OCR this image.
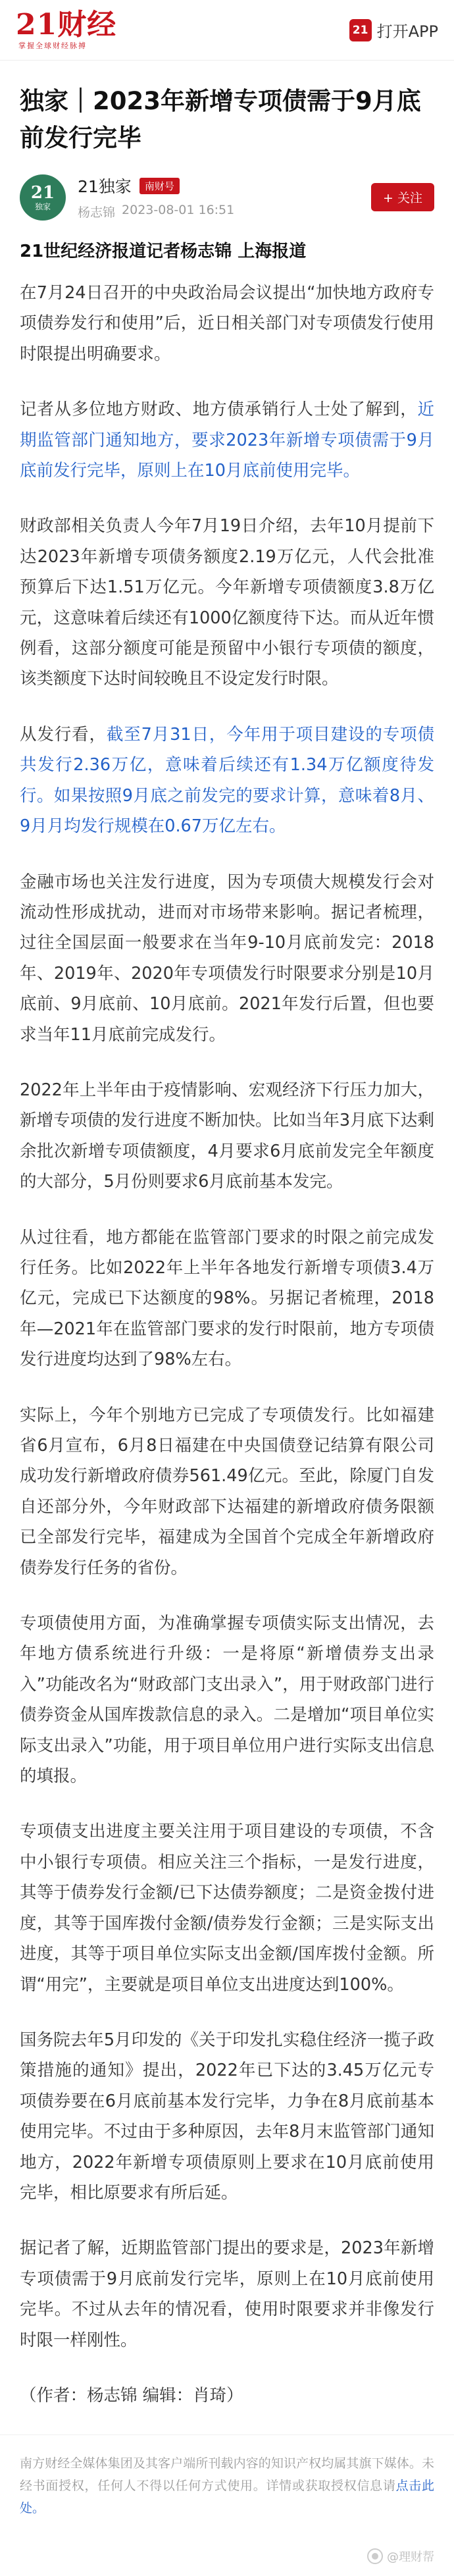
21财经
掌握全球财经脉搏
21 打开APP
独家｜2023年新增专项债需于9月底前发行完毕
21
独家
21独家	南财号
杨志锦 2023-08-01 16:51
+ 关注

21世纪经济报道记者杨志锦 上海报道

在7月24日召开的中央政治局会议提出“加快地方政府专项债券发行和使用”后，近日相关部门对专项债发行使用时限提出明确要求。

记者从多位地方财政、地方债承销行人士处了解到，近期监管部门通知地方，要求2023年新增专项债需于9月底前发行完毕，原则上在10月底前使用完毕。

财政部相关负责人今年7月19日介绍，去年10月提前下达2023年新增专项债务额度2.19万亿元，人代会批准预算后下达1.51万亿元。今年新增专项债额度3.8万亿元，这意味着后续还有1000亿额度待下达。而从近年惯例看，这部分额度可能是预留中小银行专项债的额度，该类额度下达时间较晚且不设定发行时限。

从发行看，截至7月31日，今年用于项目建设的专项债共发行2.36万亿，意味着后续还有1.34万亿额度待发行。如果按照9月底之前发完的要求计算，意味着8月、9月月均发行规模在0.67万亿左右。

金融市场也关注发行进度，因为专项债大规模发行会对流动性形成扰动，进而对市场带来影响。据记者梳理，过往全国层面一般要求在当年9-10月底前发完：2018年、2019年、2020年专项债发行时限要求分别是10月底前、9月底前、10月底前。2021年发行后置，但也要求当年11月底前完成发行。

2022年上半年由于疫情影响、宏观经济下行压力加大，新增专项债的发行进度不断加快。比如当年3月底下达剩余批次新增专项债额度，4月要求6月底前发完全年额度的大部分，5月份则要求6月底前基本发完。

从过往看，地方都能在监管部门要求的时限之前完成发行任务。比如2022年上半年各地发行新增专项债3.4万亿元，完成已下达额度的98%。另据记者梳理，2018年—2021年在监管部门要求的发行时限前，地方专项债发行进度均达到了98%左右。

实际上，今年个别地方已完成了专项债发行。比如福建省6月宣布，6月8日福建在中央国债登记结算有限公司成功发行新增政府债券561.49亿元。至此，除厦门自发自还部分外，今年财政部下达福建的新增政府债务限额已全部发行完毕，福建成为全国首个完成全年新增政府债券发行任务的省份。

专项债使用方面，为准确掌握专项债实际支出情况，去年地方债系统进行升级：一是将原“新增债券支出录入”功能改名为“财政部门支出录入”，用于财政部门进行债券资金从国库拨款信息的录入。二是增加“项目单位实际支出录入”功能，用于项目单位用户进行实际支出信息的填报。

专项债支出进度主要关注用于项目建设的专项债，不含中小银行专项债。相应关注三个指标，一是发行进度，其等于债券发行金额/已下达债券额度；二是资金拨付进度，其等于国库拨付金额/债券发行金额；三是实际支出进度，其等于项目单位实际支出金额/国库拨付金额。所谓“用完”，主要就是项目单位支出进度达到100%。

国务院去年5月印发的《关于印发扎实稳住经济一揽子政策措施的通知》提出，2022年已下达的3.45万亿元专项债券要在6月底前基本发行完毕，力争在8月底前基本使用完毕。不过由于多种原因，去年8月末监管部门通知地方，2022年新增专项债原则上要求在10月底前使用完毕，相比原要求有所后延。

据记者了解，近期监管部门提出的要求是，2023年新增专项债需于9月底前发行完毕，原则上在10月底前使用完毕。不过从去年的情况看，使用时限要求并非像发行时限一样刚性。

（作者：杨志锦 编辑：肖琦）

南方财经全媒体集团及其客户端所刊载内容的知识产权均属其旗下媒体。未经书面授权，任何人不得以任何方式使用。详情或获取授权信息请点击此处。
@理财帮
